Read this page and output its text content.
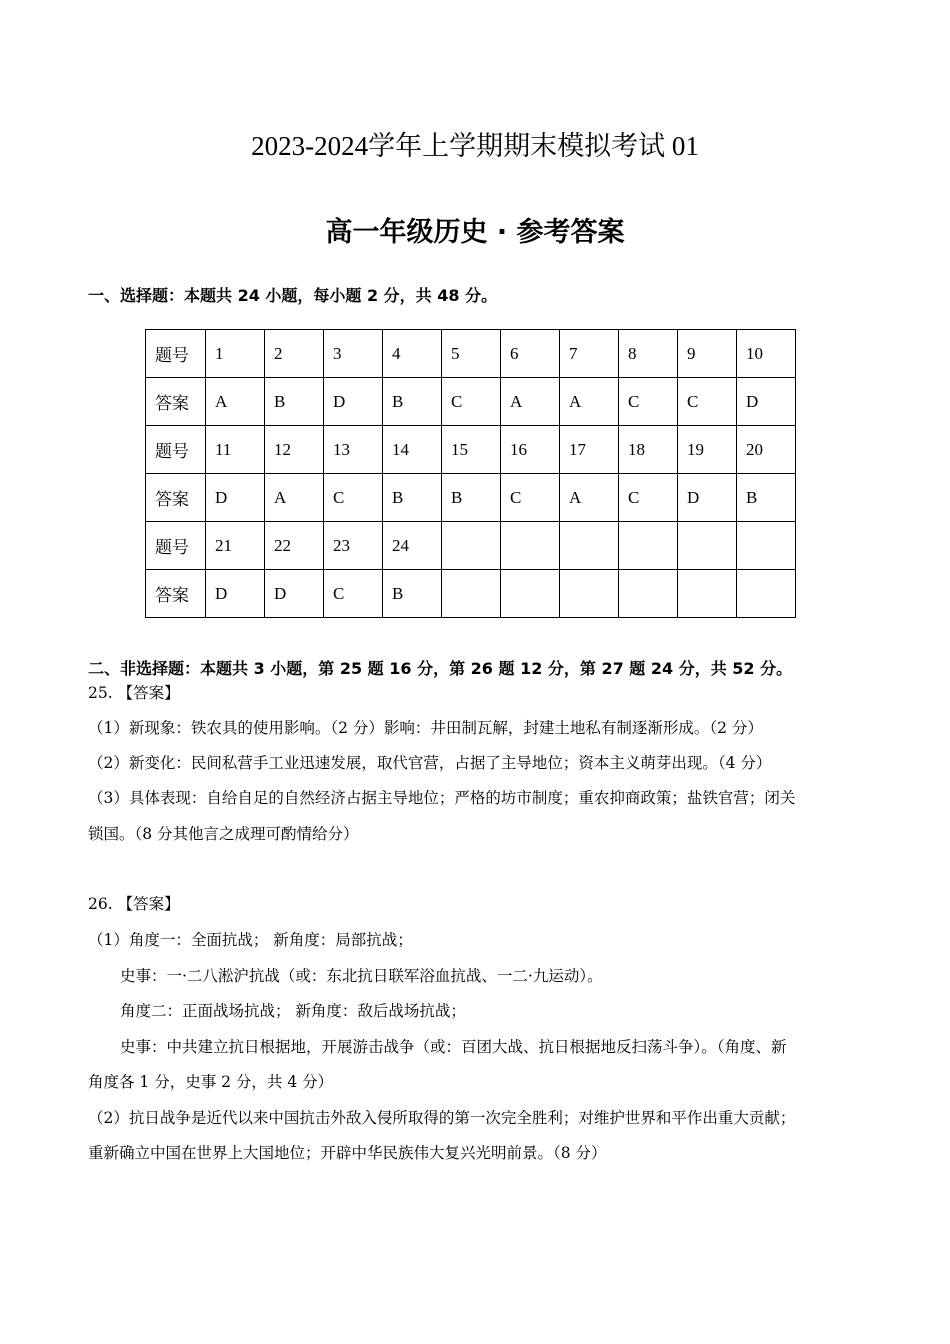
2023-2024学年上学期期末模拟考试 01
高一年级历史 · 参考答案
一、选择题：本题共 24 小题，每小题 2 分，共 48 分。
题号	1	2	3	4	5	6	7	8	9	10
答案	A	B	D	B	C	A	A	C	C	D
题号	11	12	13	14	15	16	17	18	19	20
答案	D	A	C	B	B	C	A	C	D	B
题号	21	22	23	24						
答案	D	D	C	B						
二、非选择题：本题共 3 小题，第 25 题 16 分，第 26 题 12 分，第 27 题 24 分，共 52 分。
25. 【答案】
（1）新现象：铁农具的使用影响。（2 分）影响：井田制瓦解，封建土地私有制逐渐形成。（2 分）
（2）新变化：民间私营手工业迅速发展，取代官营，占据了主导地位；资本主义萌芽出现。（4 分）
（3）具体表现：自给自足的自然经济占据主导地位；严格的坊市制度；重农抑商政策；盐铁官营；闭关
锁国。（8 分其他言之成理可酌情给分）
26. 【答案】
（1）角度一：全面抗战； 新角度：局部抗战；
史事：一·二八淞沪抗战（或：东北抗日联军浴血抗战、一二·九运动）。
角度二：正面战场抗战； 新角度：敌后战场抗战；
史事：中共建立抗日根据地，开展游击战争（或：百团大战、抗日根据地反扫荡斗争）。（角度、新
角度各 1 分，史事 2 分，共 4 分）
（2）抗日战争是近代以来中国抗击外敌入侵所取得的第一次完全胜利；对维护世界和平作出重大贡献；
重新确立中国在世界上大国地位；开辟中华民族伟大复兴光明前景。（8 分）
